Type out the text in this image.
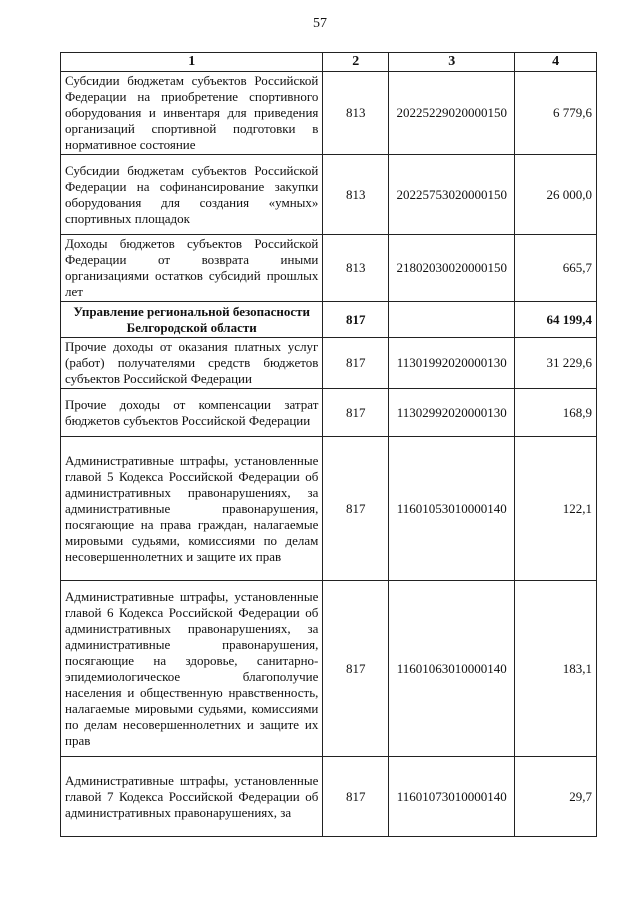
57
1	2	3	4
Субсидии бюджетам субъектов Российской Федерации на приобретение спортивного оборудования и инвентаря для приведения организаций спортивной подготовки в нормативное состояние	813	20225229020000150	6 779,6
Субсидии бюджетам субъектов Российской Федерации на софинансирование закупки оборудования для создания «умных» спортивных площадок	813	20225753020000150	26 000,0
Доходы бюджетов субъектов Российской Федерации от возврата иными организациями остатков субсидий прошлых лет	813	21802030020000150	665,7
Управление региональной безопасности Белгородской области	817		64 199,4
Прочие доходы от оказания платных услуг (работ) получателями средств бюджетов субъектов Российской Федерации	817	11301992020000130	31 229,6
Прочие доходы от компенсации затрат бюджетов субъектов Российской Федерации	817	11302992020000130	168,9
Административные штрафы, установленные главой 5 Кодекса Российской Федерации об административных правонарушениях, за административные правонарушения, посягающие на права граждан, налагаемые мировыми судьями, комиссиями по делам несовершеннолетних и защите их прав	817	11601053010000140	122,1
Административные штрафы, установленные главой 6 Кодекса Российской Федерации об административных правонарушениях, за административные правонарушения, посягающие на здоровье, санитарно-эпидемиологическое благополучие населения и общественную нравственность, налагаемые мировыми судьями, комиссиями по делам несовершеннолетних и защите их прав	817	11601063010000140	183,1
Административные штрафы, установленные главой 7 Кодекса Российской Федерации об административных правонарушениях, за	817	11601073010000140	29,7
